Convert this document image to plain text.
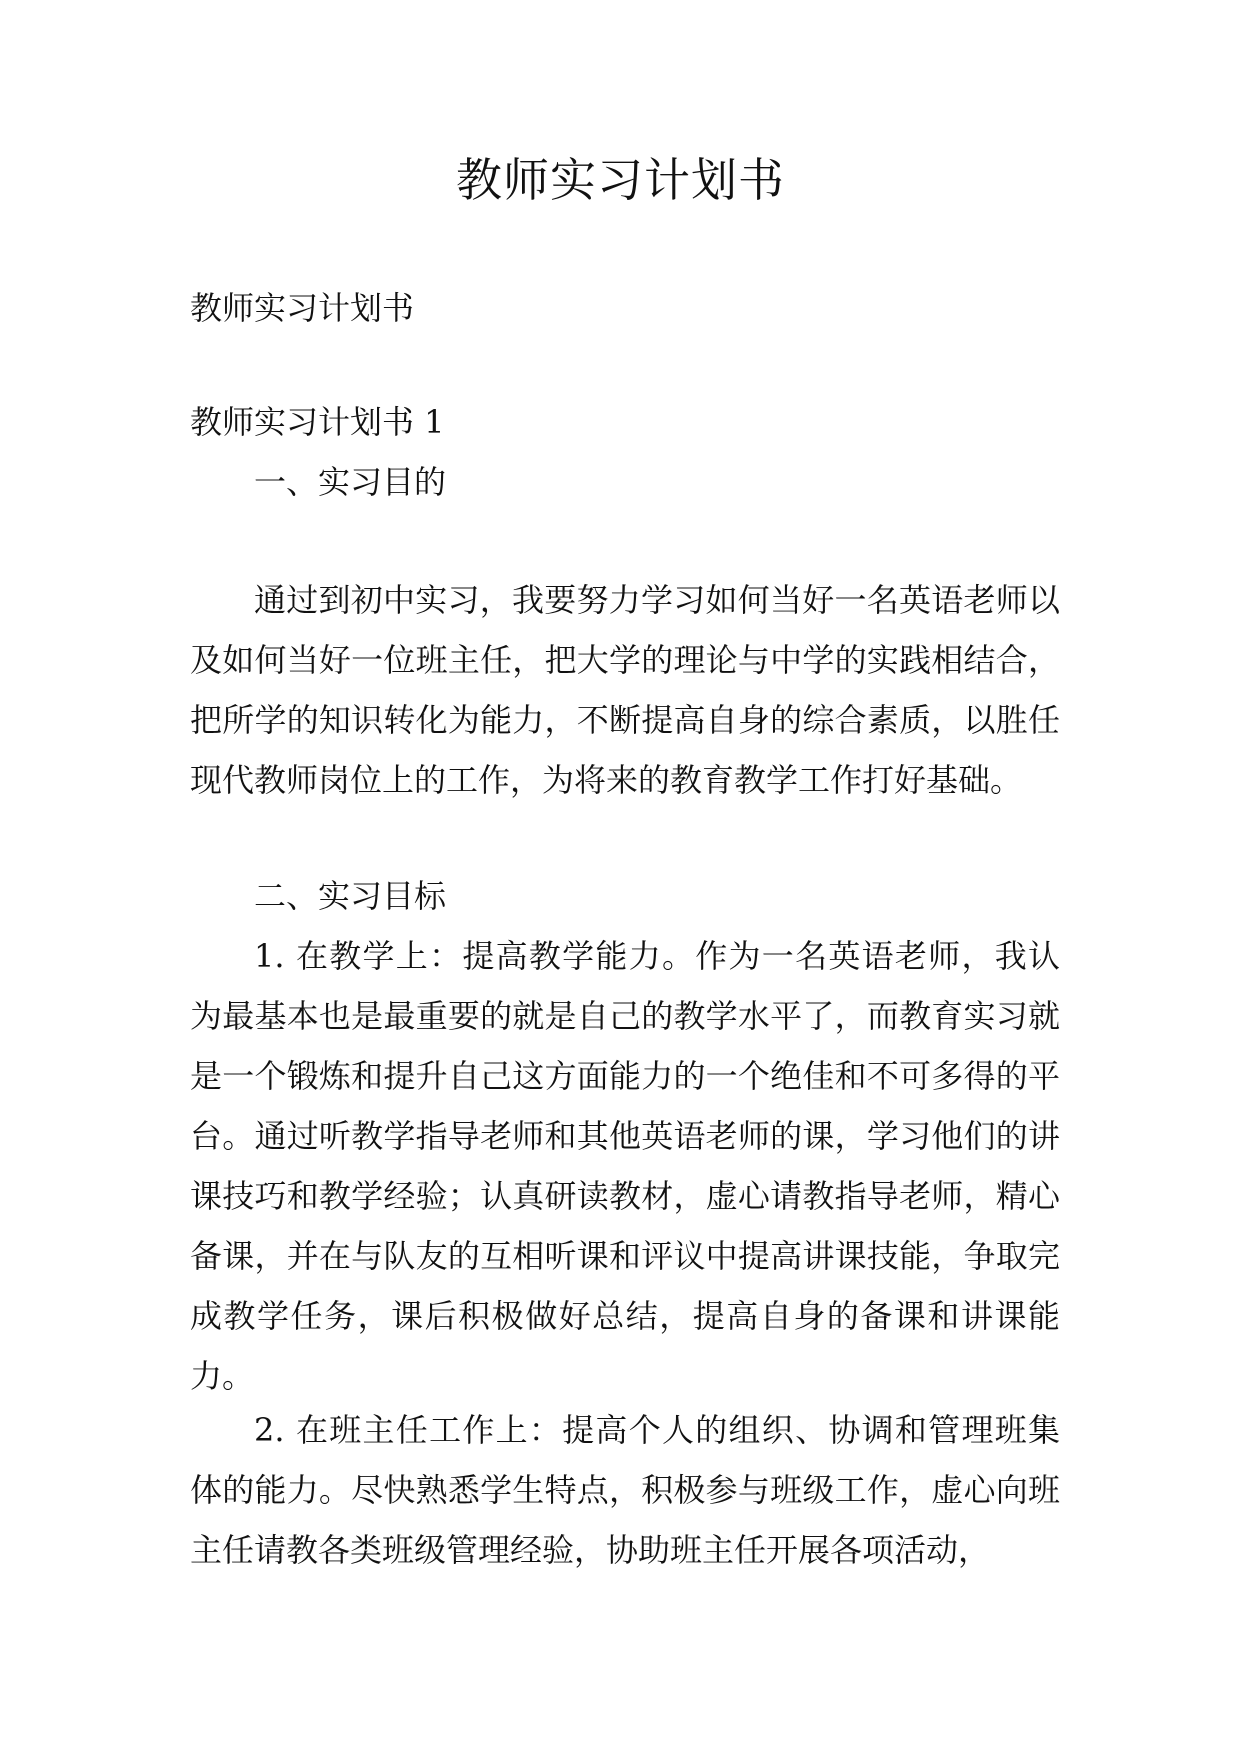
教师实习计划书

教师实习计划书

教师实习计划书 1

一、实习目的

通过到初中实习，我要努力学习如何当好一名英语老师以及如何当好一位班主任，把大学的理论与中学的实践相结合，把所学的知识转化为能力，不断提高自身的综合素质，以胜任现代教师岗位上的工作，为将来的教育教学工作打好基础。

二、实习目标

1. 在教学上：提高教学能力。作为一名英语老师，我认为最基本也是最重要的就是自己的教学水平了，而教育实习就是一个锻炼和提升自己这方面能力的一个绝佳和不可多得的平台。通过听教学指导老师和其他英语老师的课，学习他们的讲课技巧和教学经验；认真研读教材，虚心请教指导老师，精心备课，并在与队友的互相听课和评议中提高讲课技能，争取完成教学任务，课后积极做好总结，提高自身的备课和讲课能力。

2. 在班主任工作上：提高个人的组织、协调和管理班集体的能力。尽快熟悉学生特点，积极参与班级工作，虚心向班主任请教各类班级管理经验，协助班主任开展各项活动，
